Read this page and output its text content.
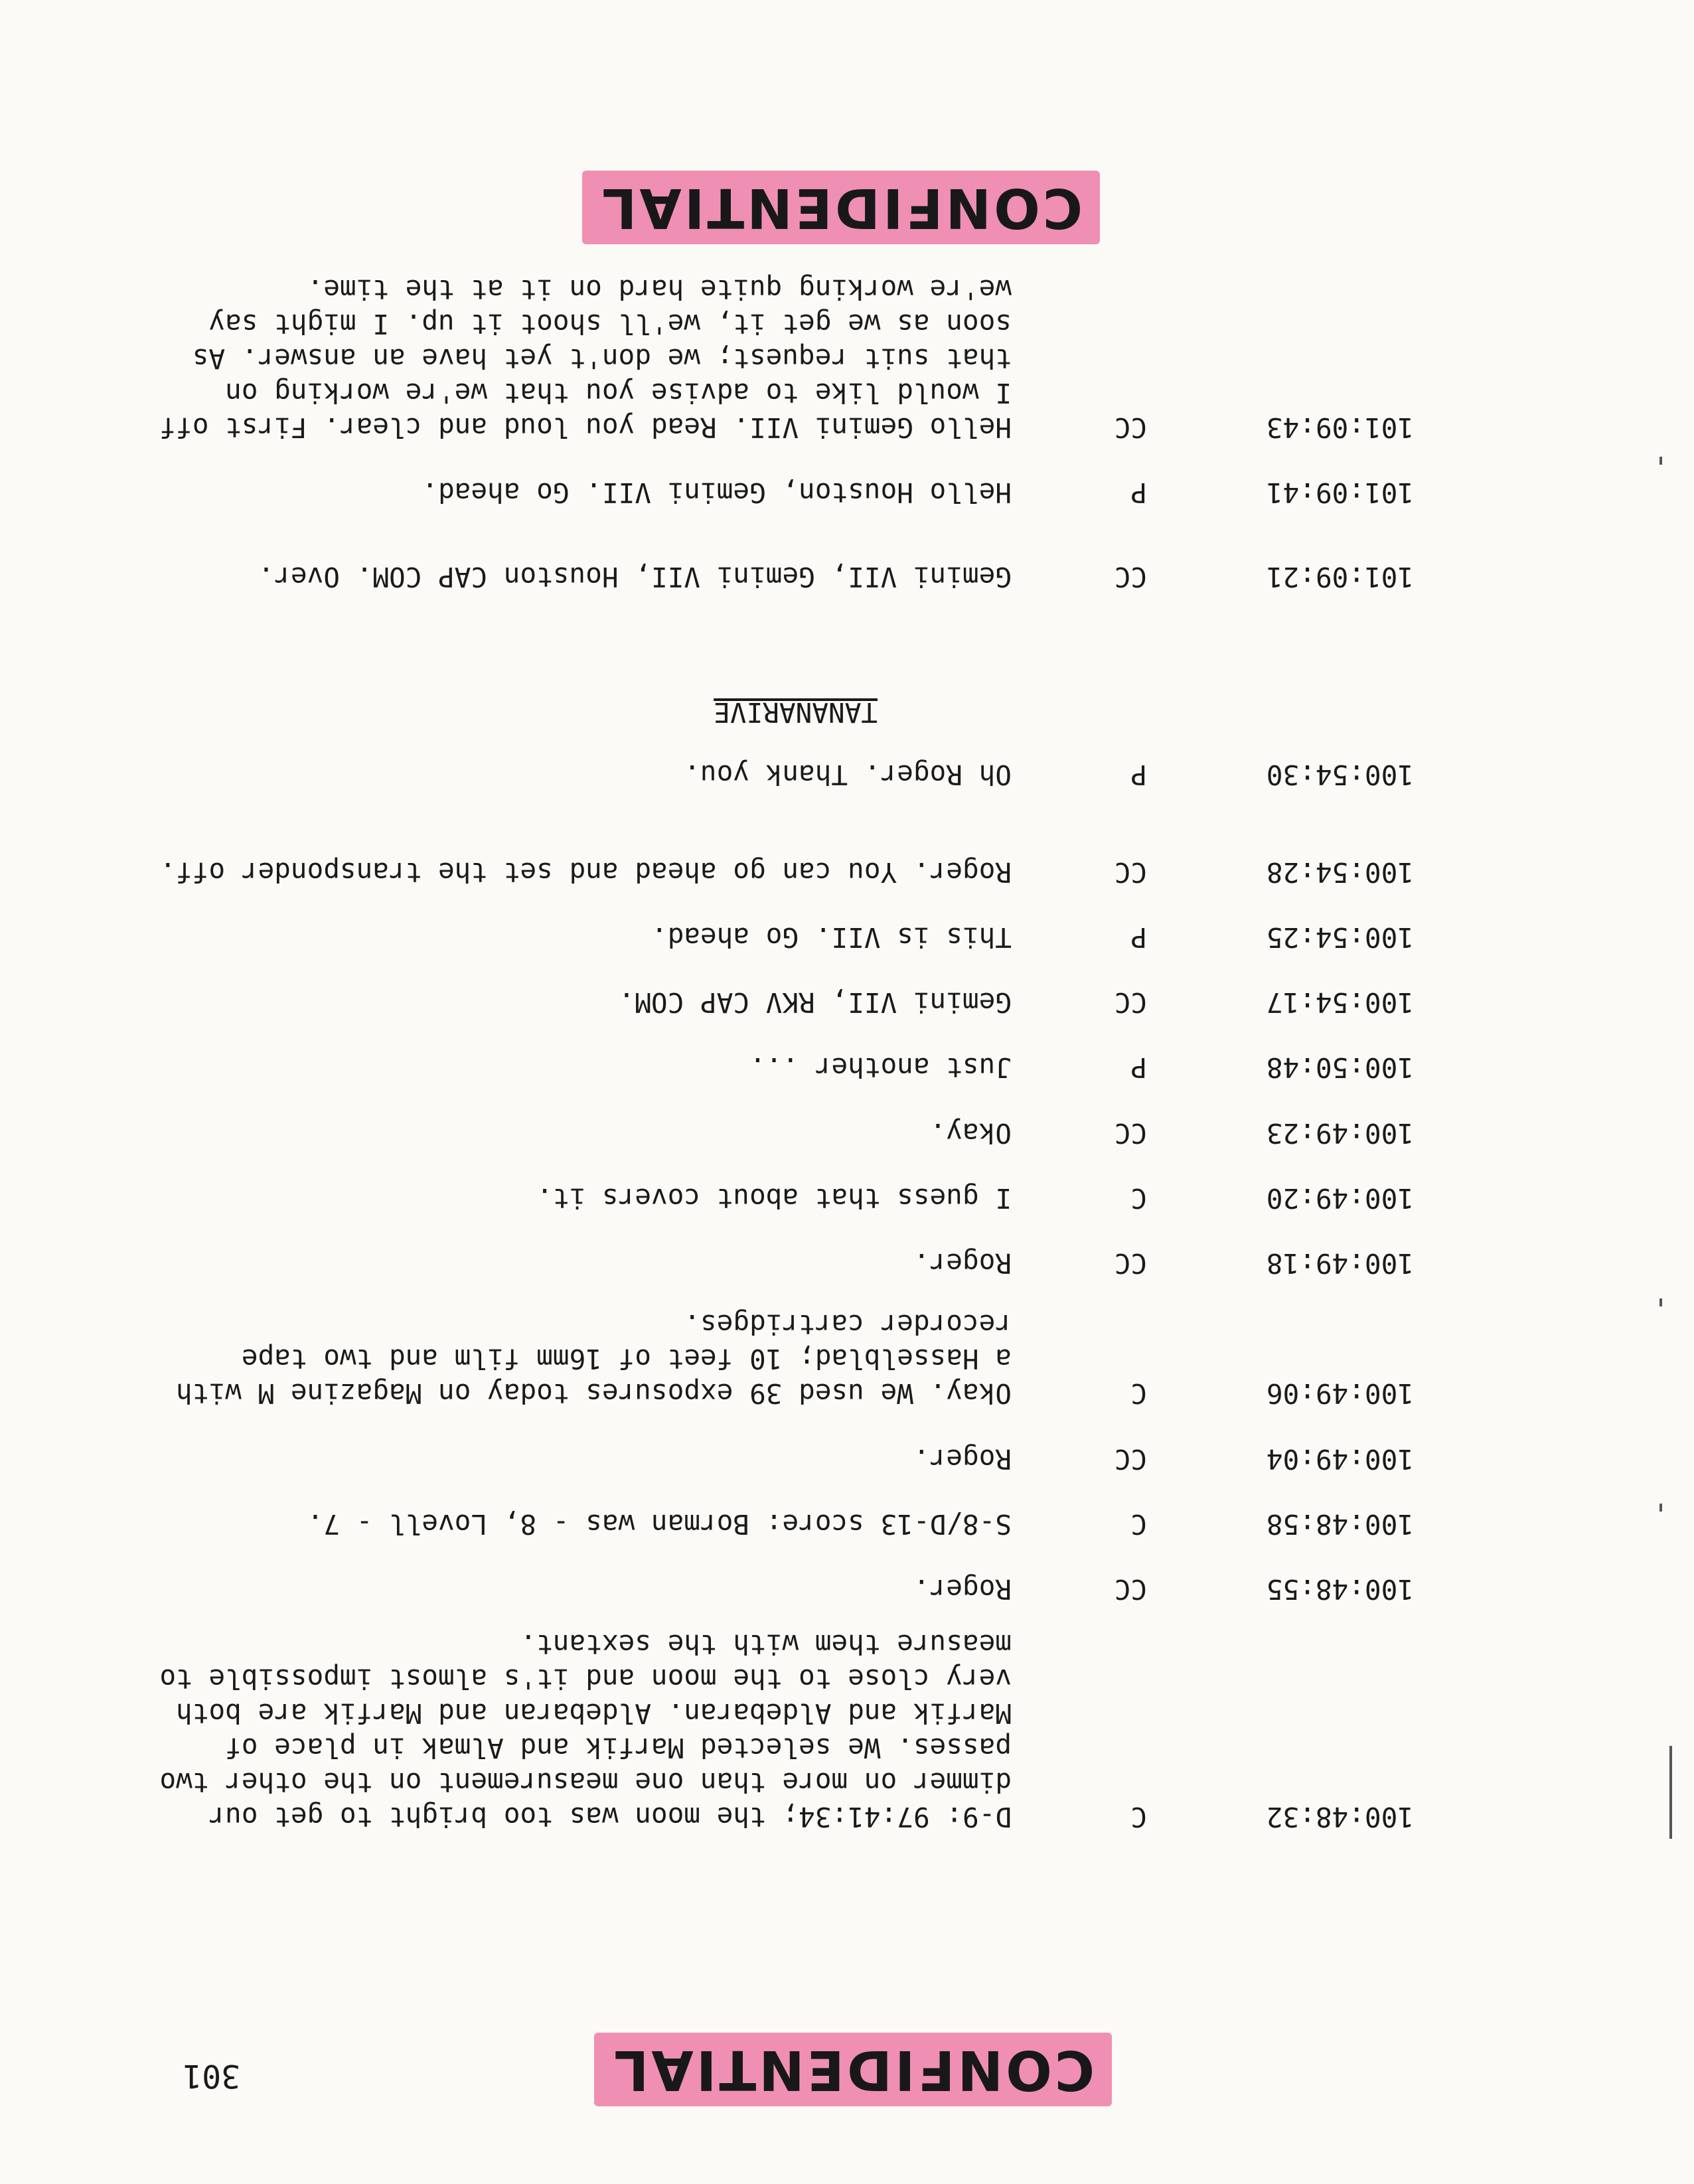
CONFIDENTIAL
301
100:48:32
C
D-9: 97:41:34; the moon was too bright to get our dimmer on more than one measurement on the other two passes. We selected Marfik and Almak in place of Marfik and Aldebaran. Aldebaran and Marfik are both very close to the moon and it's almost impossible to measure them with the sextant.
100:48:55
CC
Roger.
100:48:58
C
S-8/D-13 score: Borman was - 8, Lovell - 7.
100:49:04
CC
Roger.
100:49:06
C
Okay. We used 39 exposures today on Magazine M with a Hasselblad; 10 feet of 16mm film and two tape recorder cartridges.
100:49:18
CC
Roger.
100:49:20
C
I guess that about covers it.
100:49:23
CC
Okay.
100:50:48
P
Just another ...
100:54:17
CC
Gemini VII, RKV CAP COM.
100:54:25
P
This is VII. Go ahead.
100:54:28
CC
Roger. You can go ahead and set the transponder off.
100:54:30
P
Oh Roger. Thank you.
TANANARIVE
101:09:21
CC
Gemini VII, Gemini VII, Houston CAP COM. Over.
101:09:41
P
Hello Houston, Gemini VII. Go ahead.
101:09:43
CC
Hello Gemini VII. Read you loud and clear. First off I would like to advise you that we're working on that suit request; we don't yet have an answer. As soon as we get it, we'll shoot it up. I might say we're working quite hard on it at the time.
CONFIDENTIAL
